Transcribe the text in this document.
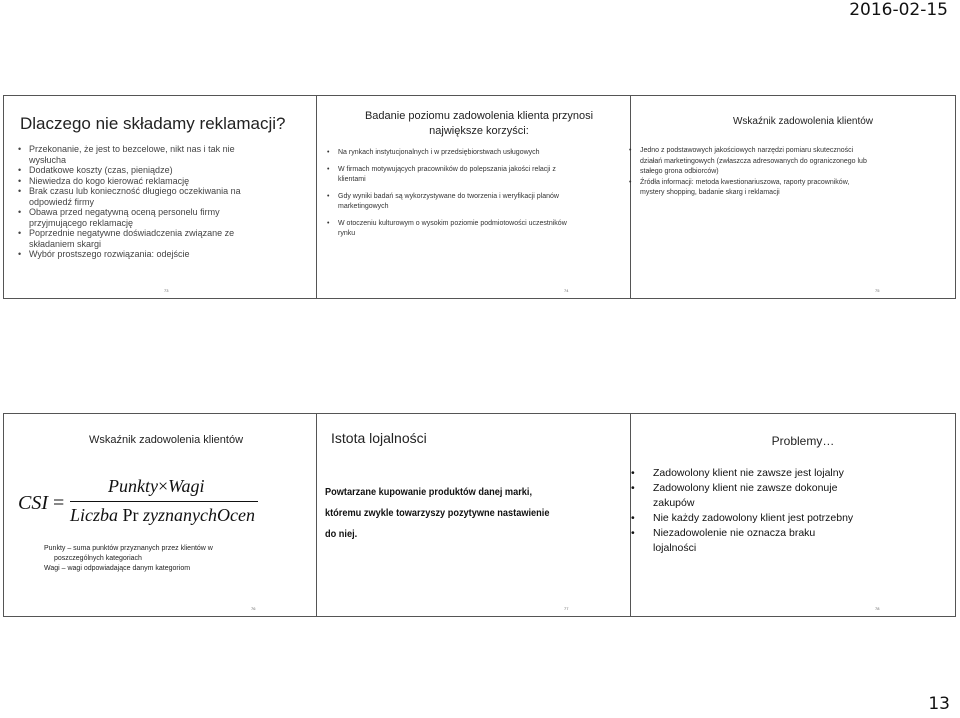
2016-02-15
Dlaczego nie składamy reklamacji?
• Przekonanie, że jest to bezcelowe, nikt nas i tak nie wysłucha
• Dodatkowe koszty (czas, pieniądze)
• Niewiedza do kogo kierować reklamację
• Brak czasu lub konieczność długiego oczekiwania na odpowiedź firmy
• Obawa przed negatywną oceną personelu firmy przyjmującego reklamację
• Poprzednie negatywne doświadczenia związane ze składaniem skargi
• Wybór prostszego rozwiązania: odejście
73
Badanie poziomu zadowolenia klienta przynosi największe korzyści:
• Na rynkach instytucjonalnych i w przedsiębiorstwach usługowych
• W firmach motywujących pracowników do polepszania jakości relacji z klientami
• Gdy wyniki badań są wykorzystywane do tworzenia i weryfikacji planów marketingowych
• W otoczeniu kulturowym o wysokim poziomie podmiotowości uczestników rynku
74
Wskaźnik zadowolenia klientów
• Jedno z podstawowych jakościowych narzędzi pomiaru skuteczności działań marketingowych (zwłaszcza adresowanych do ograniczonego lub stałego grona odbiorców)
• Źródła informacji: metoda kwestionariuszowa, raporty pracowników, mystery shopping, badanie skarg i reklamacji
75
Wskaźnik zadowolenia klientów
CSI =
Punkty×Wagi
Liczba Pr zyznanychOcen
Punkty – suma punktów przyznanych przez klientów w
poszczególnych kategoriach
Wagi – wagi odpowiadające danym kategoriom
76
Istota lojalności
Powtarzane kupowanie produktów danej marki,
któremu zwykle towarzyszy pozytywne nastawienie
do niej.
77
Problemy…
• Zadowolony klient nie zawsze jest lojalny
• Zadowolony klient nie zawsze dokonuje zakupów
• Nie każdy zadowolony klient jest potrzebny
• Niezadowolenie nie oznacza braku lojalności
78
13
